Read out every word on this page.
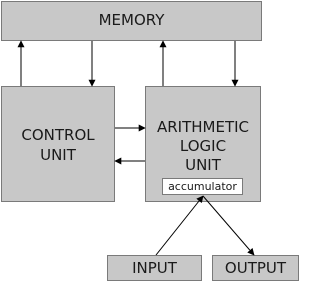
MEMORY
CONTROL
UNIT
ARITHMETIC
LOGIC
UNIT
accumulator
INPUT	OUTPUT
